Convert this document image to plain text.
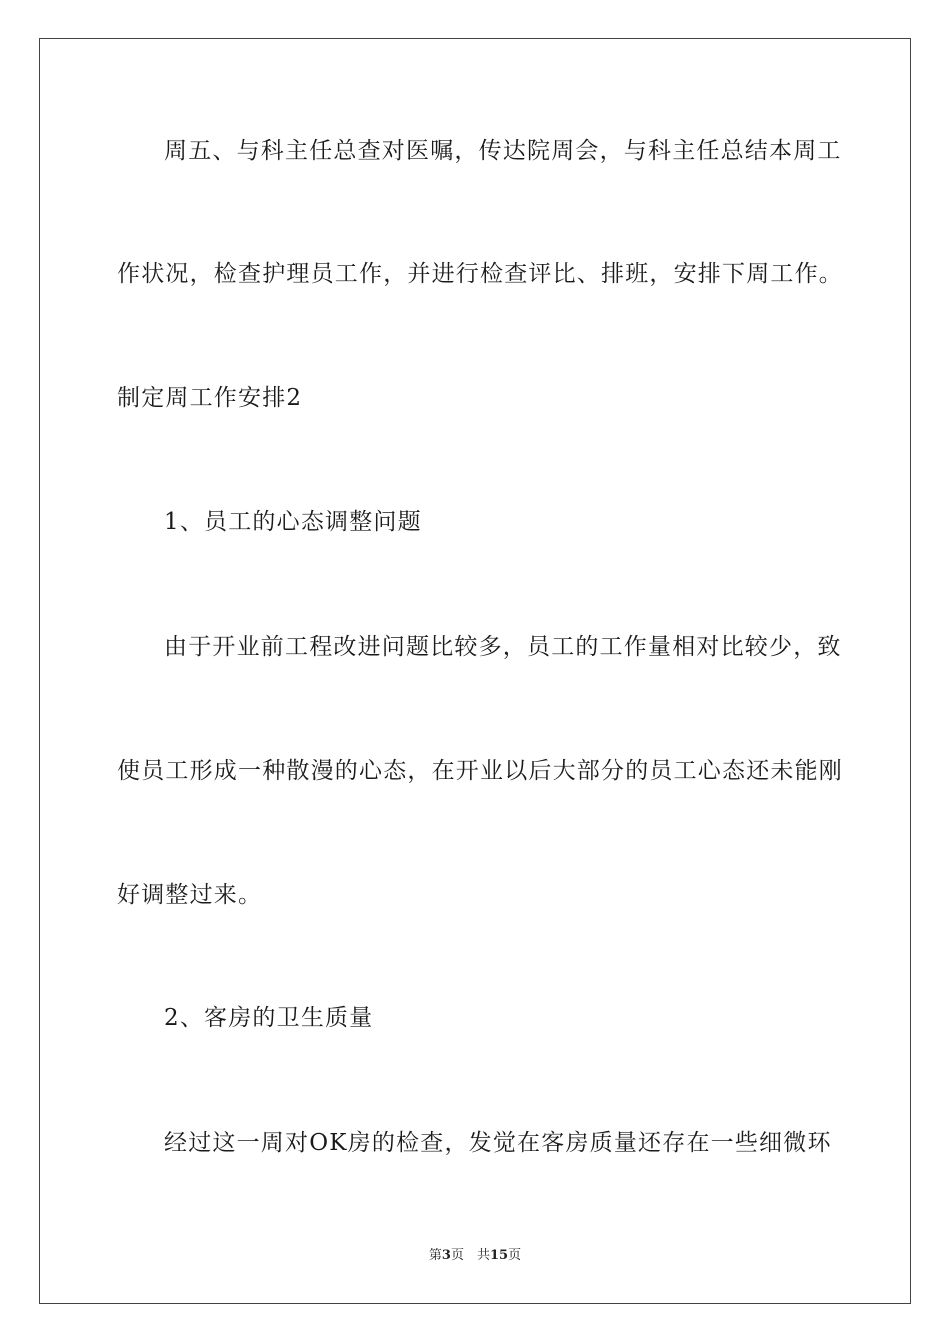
周五、与科主任总查对医嘱，传达院周会，与科主任总结本周工
作状况，检查护理员工作，并进行检查评比、排班，安排下周工作。
制定周工作安排2
1、员工的心态调整问题
由于开业前工程改进问题比较多，员工的工作量相对比较少，致
使员工形成一种散漫的心态，在开业以后大部分的员工心态还未能刚
好调整过来。
2、客房的卫生质量
经过这一周对OK房的检查，发觉在客房质量还存在一些细微环
第3页　共15页
